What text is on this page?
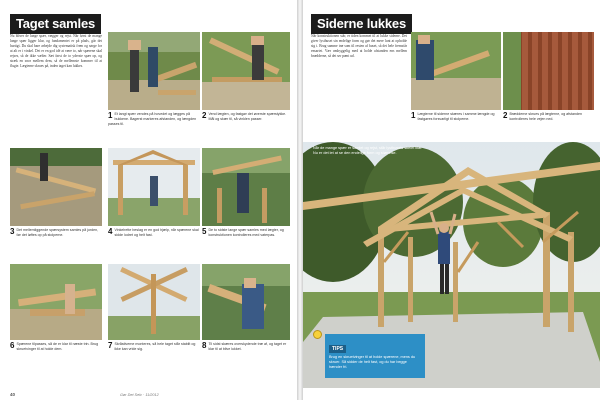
Taget samles

Nu bliver de lange spær, vægger og rejst. Når først de mange lange spær ligger klar, og fundamentet er på plads, går det hurtigt. Du skal bare arbejde dig systematisk frem og sørge for at alt er i vinkel. Det er en god idé at være to, når spærene skal rejses, så de ikke vælter. Sæt først de to yderste spær op, og stræk en snor mellem dem, så de mellemste kommer til at flugte. Lægterne skrues på, inden taget kan lukkes.

1 Et langt spær vendes på hovedet og lægges på bukkene. Bagerst markeres afstanden, og længden passes til.
2 Vend lægten, og fastgør det øverste spærstykke. Mål og skær til, så vinklen passer.
3 Det mellemliggende spærsystem samles på jorden, før det løftes op på stolperne.	4 Vinkelrette beslag er en god hjælp, når spærene skal sidde lodret og helt fast.	5 De to sidste lange spær samles med lægter, og konstruktionen kontrolleres med vaterpas.
6 Spærene tilpasses, så de er klar til næste trin. Brug skruetvinger til at holde dem.	7 Skråstiverne monteres, så hele taget står stabilt og ikke kan vride sig.	8 Til sidst skæres overskydende træ af, og taget er klar til at blive lukket.
40	Gør Det Selv · 11/2012
Siderne lukkes

Når konstruktionen står, er tiden kommet til at lukke siderne. Det giver lysthuset sin endelige form og gør det mere lunt at opholde sig i. Brug samme træ som til resten af huset, så det hele fremstår ensartet. Vær omhyggelig med at holde afstanden ens mellem brædderne, så det ser pænt ud.

1 Lægterne til siderne skæres i samme længde og fastgøres forsvarligt til stolperne.	2 Brædderne skrues på lægterne, og afstanden kontrolleres hele vejen ned.
Når de mange spær er samlet og rejst, står lysthusets skelet klar. Nu er det let at se den endelige form og størrelse.
TIPS
Brug en skruetvinger til at holde spærene, mens du skruer. Så sidder de helt fast, og du har begge hænder fri.
41
